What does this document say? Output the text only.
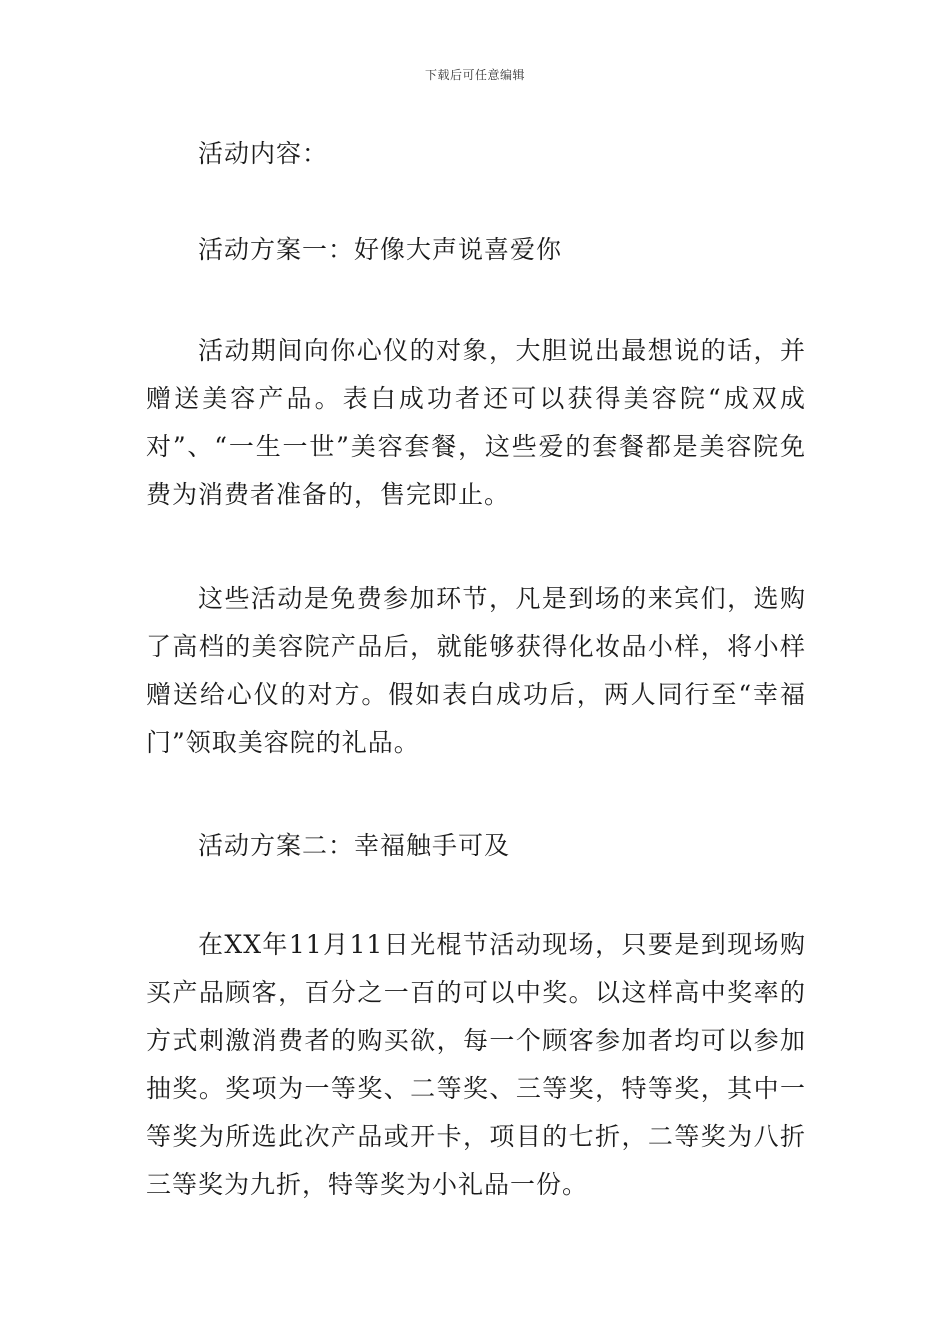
下载后可任意编辑

活动内容：

活动方案一：好像大声说喜爱你

活动期间向你心仪的对象，大胆说出最想说的话，并赠送美容产品。表白成功者还可以获得美容院“成双成对”、“一生一世”美容套餐，这些爱的套餐都是美容院免费为消费者准备的，售完即止。

这些活动是免费参加环节，凡是到场的来宾们，选购了高档的美容院产品后，就能够获得化妆品小样，将小样赠送给心仪的对方。假如表白成功后，两人同行至“幸福门”领取美容院的礼品。

活动方案二：幸福触手可及

在XX年11月11日光棍节活动现场，只要是到现场购买产品顾客，百分之一百的可以中奖。以这样高中奖率的方式刺激消费者的购买欲，每一个顾客参加者均可以参加抽奖。奖项为一等奖、二等奖、三等奖，特等奖，其中一等奖为所选此次产品或开卡，项目的七折，二等奖为八折三等奖为九折，特等奖为小礼品一份。
